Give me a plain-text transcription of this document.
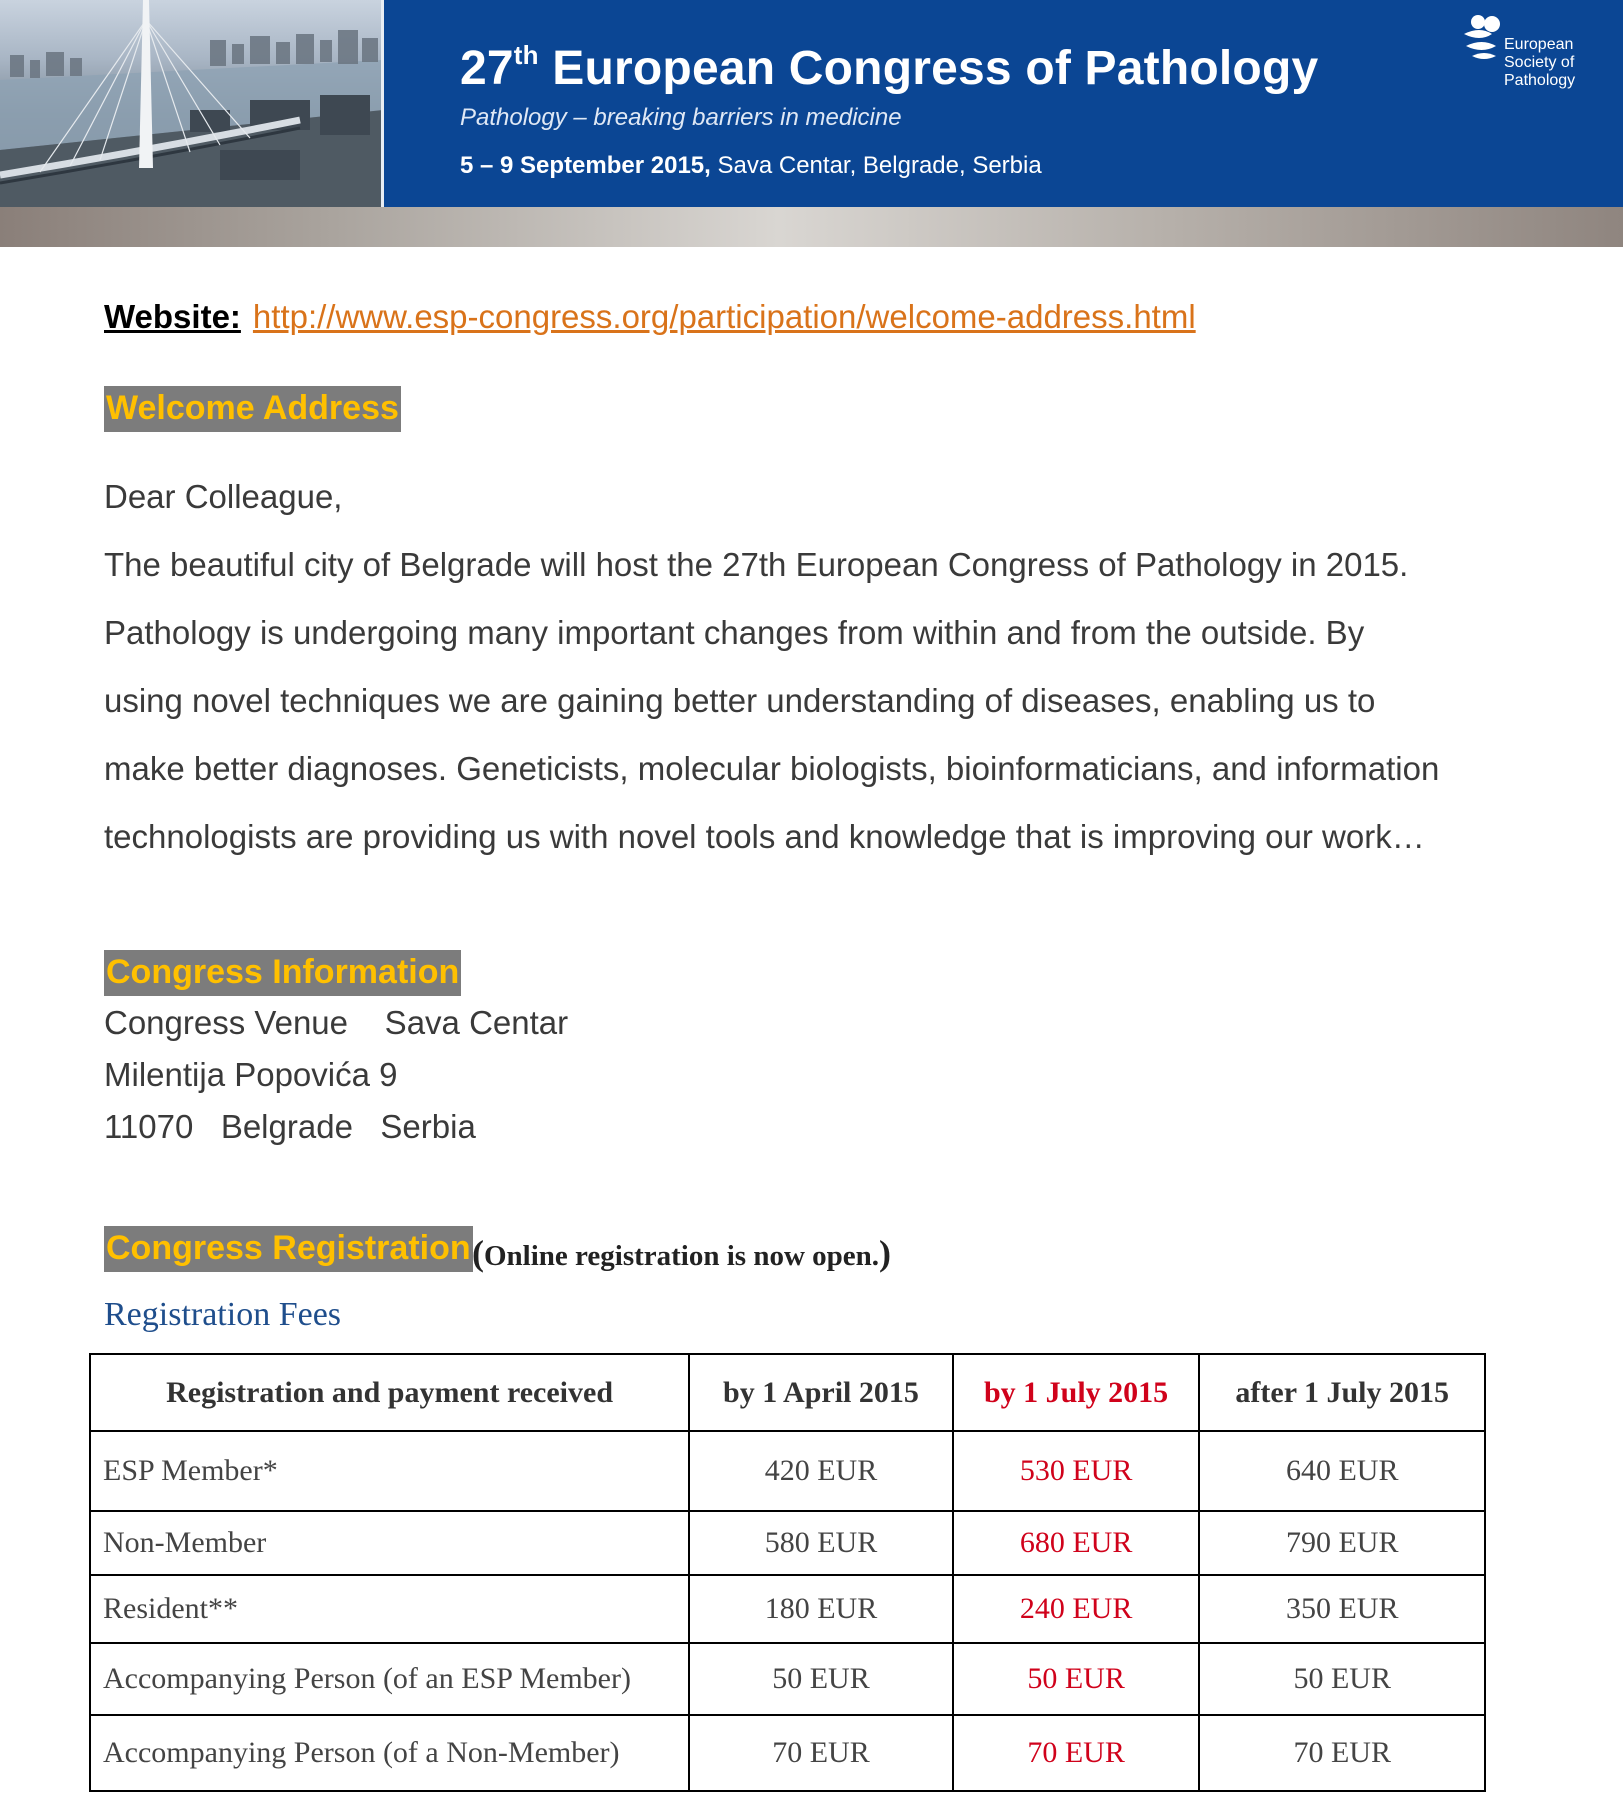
27th European Congress of Pathology
Pathology – breaking barriers in medicine
5 – 9 September 2015, Sava Centar, Belgrade, Serbia
European
Society of
Pathology
Website: http://www.esp-congress.org/participation/welcome-address.html
Welcome Address
Dear Colleague,
The beautiful city of Belgrade will host the 27th European Congress of Pathology in 2015.
Pathology is undergoing many important changes from within and from the outside. By
using novel techniques we are gaining better understanding of diseases, enabling us to
make better diagnoses. Geneticists, molecular biologists, bioinformaticians, and information
technologists are providing us with novel tools and knowledge that is improving our work…
Congress Information
Congress Venue    Sava Centar
Milentija Popovića 9
11070   Belgrade   Serbia
Congress Registration (Online registration is now open.)
Registration Fees
Registration and payment received	by 1 April 2015	by 1 July 2015	after 1 July 2015
ESP Member*	420 EUR	530 EUR	640 EUR
Non-Member	580 EUR	680 EUR	790 EUR
Resident**	180 EUR	240 EUR	350 EUR
Accompanying Person (of an ESP Member)	50 EUR	50 EUR	50 EUR
Accompanying Person (of a Non-Member)	70 EUR	70 EUR	70 EUR
